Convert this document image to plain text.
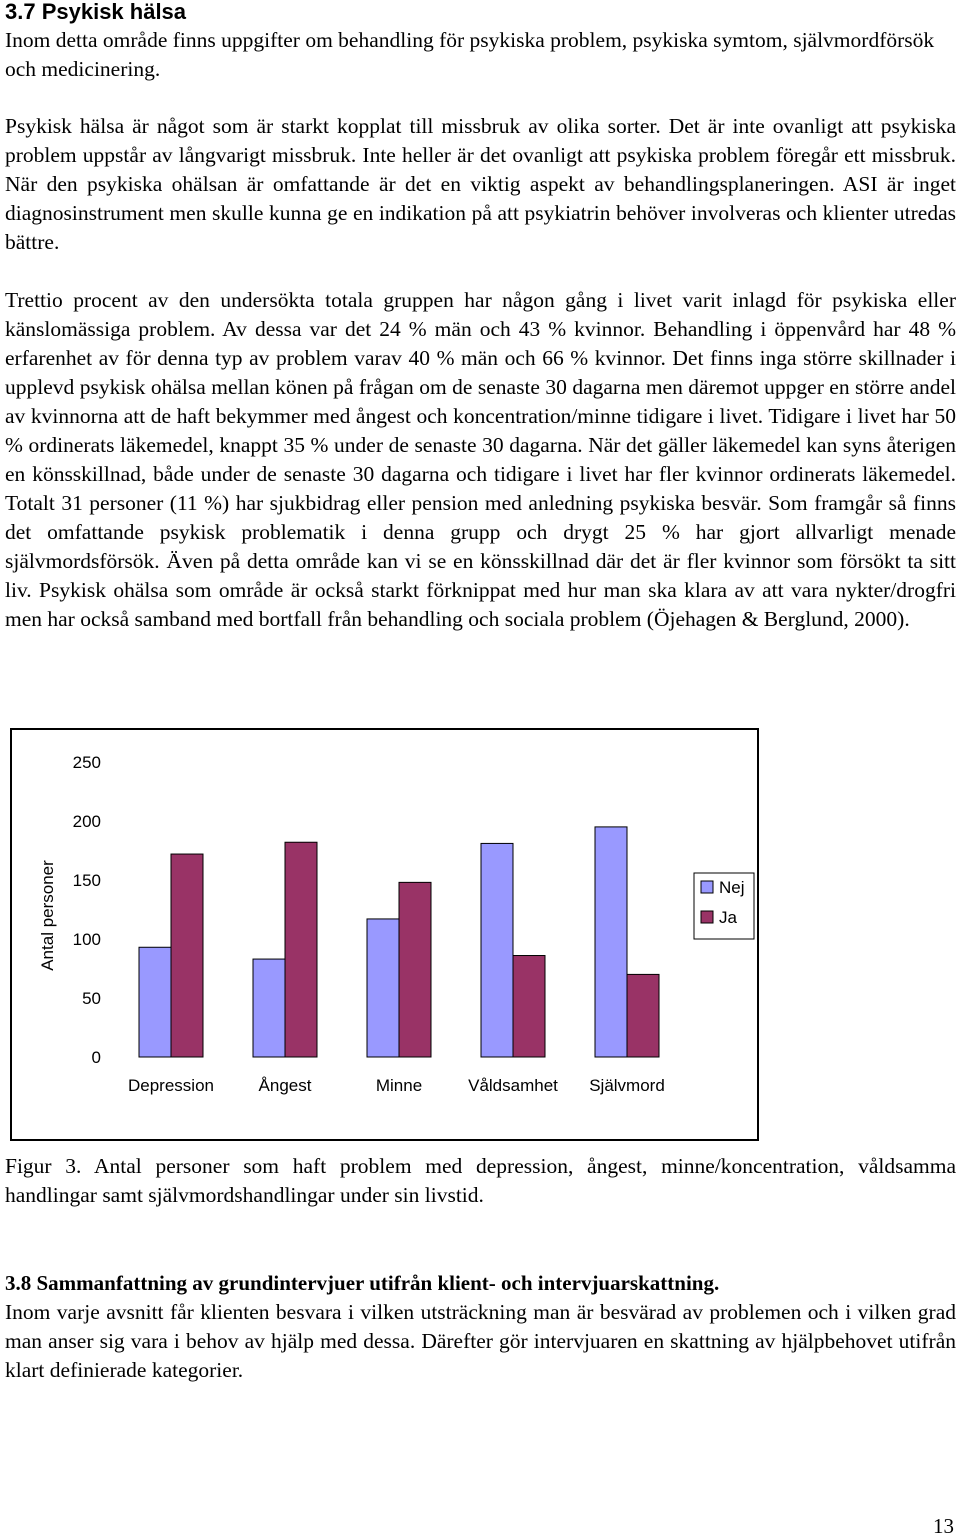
3.7 Psykisk hälsa

Inom detta område finns uppgifter om behandling för psykiska problem, psykiska symtom, självmordförsök och medicinering.

Psykisk hälsa är något som är starkt kopplat till missbruk av olika sorter. Det är inte ovanligt att psykiska problem uppstår av långvarigt missbruk. Inte heller är det ovanligt att psykiska problem föregår ett missbruk. När den psykiska ohälsan är omfattande är det en viktig aspekt av behandlingsplaneringen. ASI är inget diagnosinstrument men skulle kunna ge en indikation på att psykiatrin behöver involveras och klienter utredas bättre.

Trettio procent av den undersökta totala gruppen har någon gång i livet varit inlagd för psykiska eller känslomässiga problem. Av dessa var det 24 % män och 43 % kvinnor. Behandling i öppenvård har 48 % erfarenhet av för denna typ av problem varav 40 % män och 66 % kvinnor. Det finns inga större skillnader i upplevd psykisk ohälsa mellan könen på frågan om de senaste 30 dagarna men däremot uppger en större andel av kvinnorna att de haft bekymmer med ångest och koncentration/minne tidigare i livet. Tidigare i livet har 50 % ordinerats läkemedel, knappt 35 % under de senaste 30 dagarna. När det gäller läkemedel kan syns återigen en könsskillnad, både under de senaste 30 dagarna och tidigare i livet har fler kvinnor ordinerats läkemedel. Totalt 31 personer (11 %) har sjukbidrag eller pension med anledning psykiska besvär. Som framgår så finns det omfattande psykisk problematik i denna grupp och drygt 25 % har gjort allvarligt menade självmordsförsök. Även på detta område kan vi se en könsskillnad där det är fler kvinnor som försökt ta sitt liv. Psykisk ohälsa som område är också starkt förknippat med hur man ska klara av att vara nykter/drogfri men har också samband med bortfall från behandling och sociala problem (Öjehagen & Berglund, 2000).

0
50
100
150
200
250
Antal personer
Depression	Ångest	Minne	Våldsamhet Självmord
Nej
Ja

Figur 3. Antal personer som haft problem med depression, ångest, minne/koncentration, våldsamma handlingar samt självmordshandlingar under sin livstid.

3.8 Sammanfattning av grundintervjuer utifrån klient- och intervjuarskattning.

Inom varje avsnitt får klienten besvara i vilken utsträckning man är besvärad av problemen och i vilken grad man anser sig vara i behov av hjälp med dessa. Därefter gör intervjuaren en skattning av hjälpbehovet utifrån klart definierade kategorier.

13
